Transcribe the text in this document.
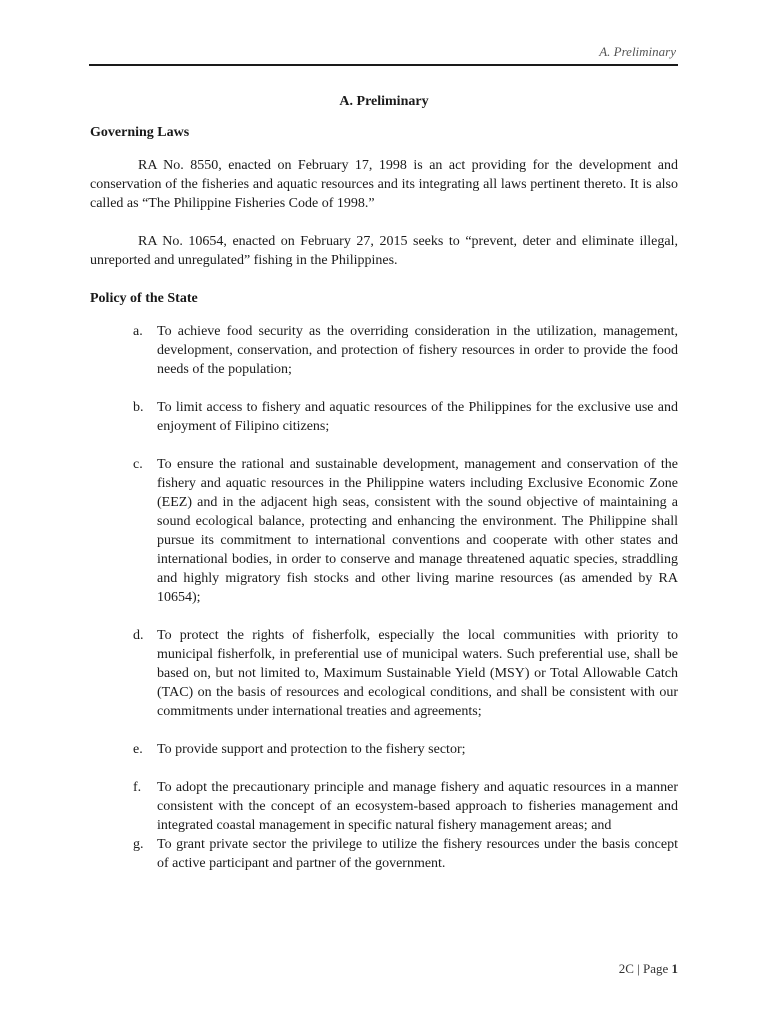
A. Preliminary
A. Preliminary
Governing Laws

RA No. 8550, enacted on February 17, 1998 is an act providing for the development and conservation of the fisheries and aquatic resources and its integrating all laws pertinent thereto. It is also called as “The Philippine Fisheries Code of 1998.”

RA No. 10654, enacted on February 27, 2015 seeks to “prevent, deter and eliminate illegal, unreported and unregulated” fishing in the Philippines.

Policy of the State
a.	To achieve food security as the overriding consideration in the utilization, management, development, conservation, and protection of fishery resources in order to provide the food needs of the population;
b. To limit access to fishery and aquatic resources of the Philippines for the exclusive use and enjoyment of Filipino citizens;
c.	To ensure the rational and sustainable development, management and conservation of the fishery and aquatic resources in the Philippine waters including Exclusive Economic Zone (EEZ) and in the adjacent high seas, consistent with the sound objective of maintaining a sound ecological balance, protecting and enhancing the environment. The Philippine shall pursue its commitment to international conventions and cooperate with other states and international bodies, in order to conserve and manage threatened aquatic species, straddling and highly migratory fish stocks and other living marine resources (as amended by RA 10654);
d. To protect the rights of fisherfolk, especially the local communities with priority to municipal fisherfolk, in preferential use of municipal waters. Such preferential use, shall be based on, but not limited to, Maximum Sustainable Yield (MSY) or Total Allowable Catch (TAC) on the basis of resources and ecological conditions, and shall be consistent with our commitments under international treaties and agreements;
e.	To provide support and protection to the fishery sector;
f.	To adopt the precautionary principle and manage fishery and aquatic resources in a manner consistent with the concept of an ecosystem-based approach to fisheries management and integrated coastal management in specific natural fishery management areas; and
g. To grant private sector the privilege to utilize the fishery resources under the basis concept of active participant and partner of the government.
2C | Page 1
